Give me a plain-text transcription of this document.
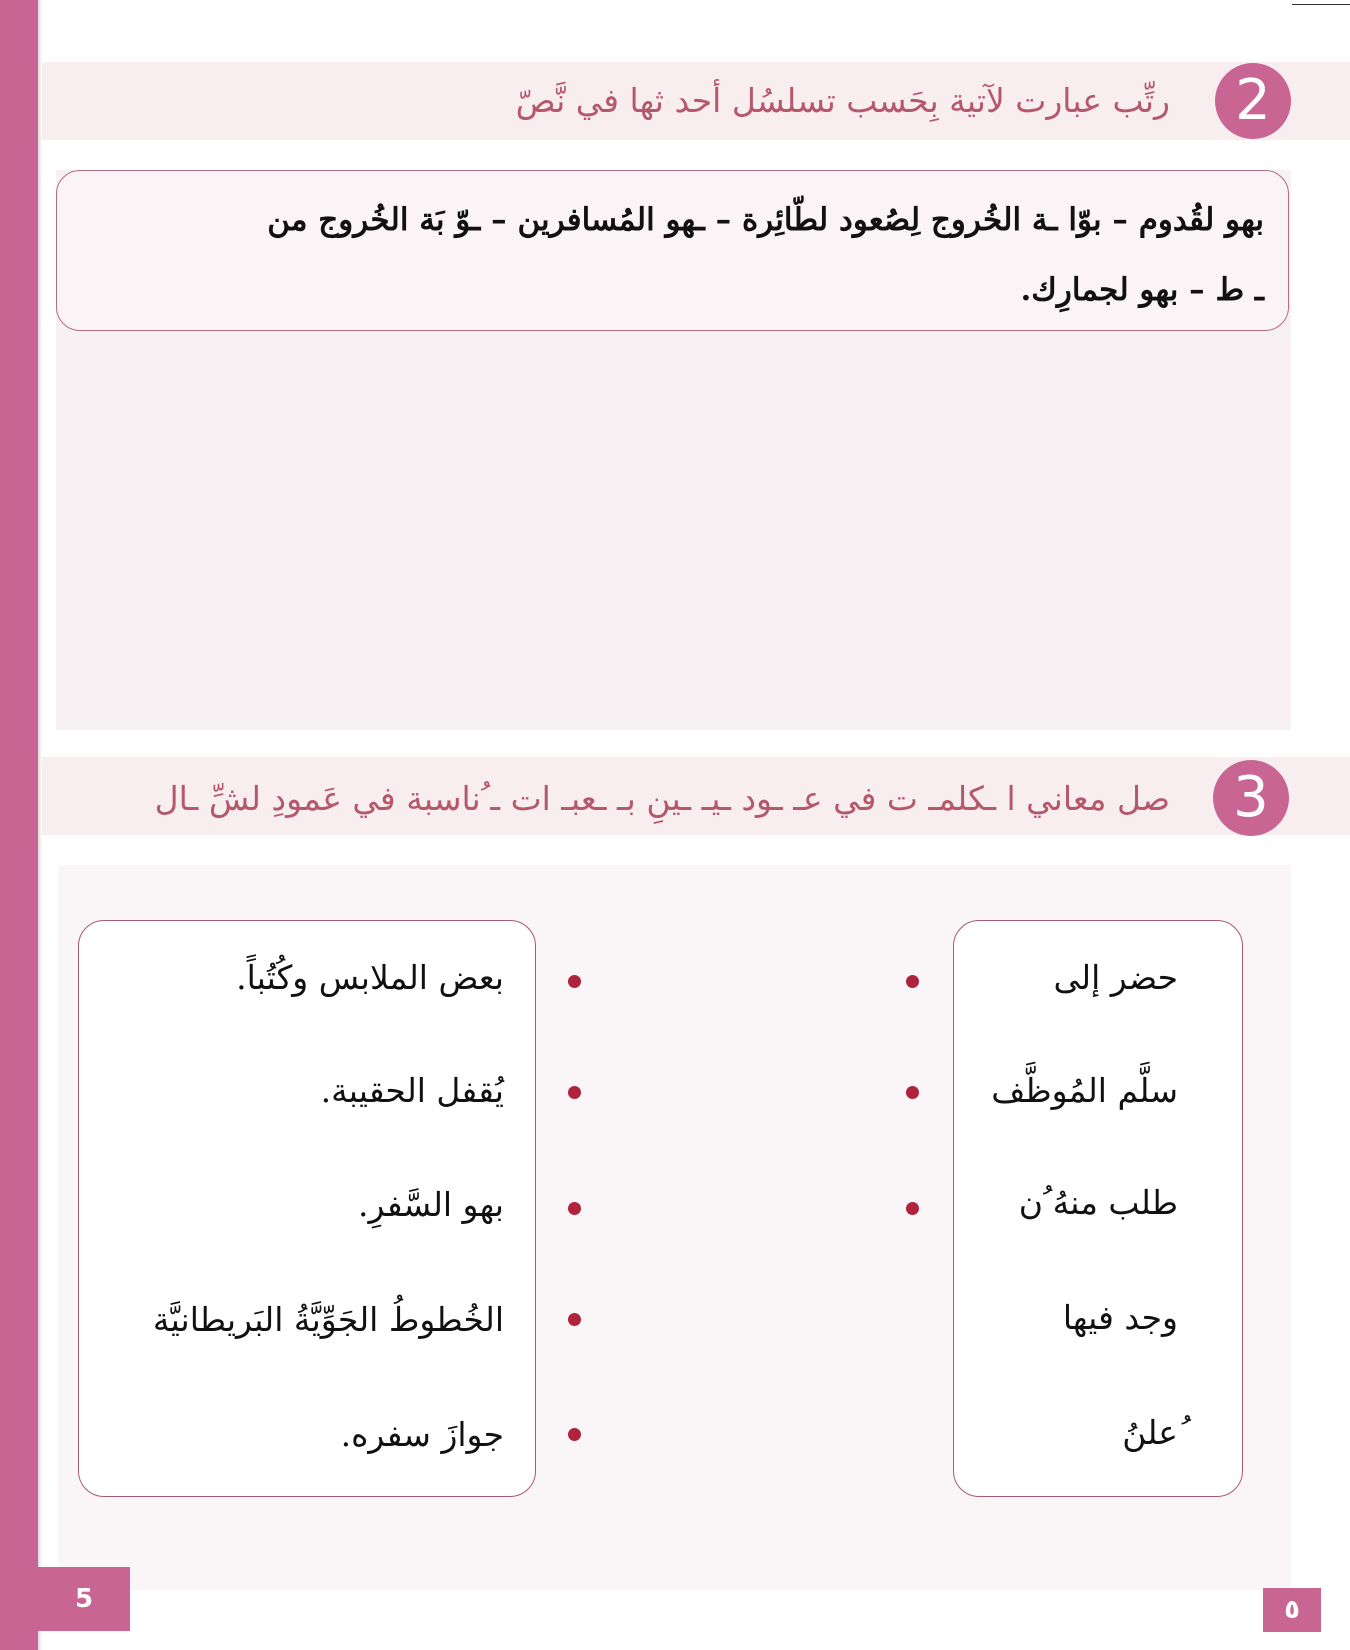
2
رتِّب عبارت لآتية بِحَسب تسلسُل أحد ثها في نَّصّ
بهو لقُدوم – بوّا ـة الخُروج لِصُعود لطّائِرة – ـهو المُسافرين – ـوّ بَة الخُروج من
ـ ط – بهو لجمارِك.
3
صل معاني ا ـكلمـ ت في عـ ـود ـيـ ـينِ بـ ـعبـ ات ـ ُناسبة في عَمودِ لشِّ ـال
حضر إلى
سلَّم المُوظَّف
طلب منهُ ُن
وجد فيها
ُعلنُ
بعض الملابس وكُتُباً.
يُقفل الحقيبة.
بهو السَّفرِ.
الخُطوطُ الجَوِّيَّةُ البَريطانيَّة
جوازَ سفره.
5	٥
